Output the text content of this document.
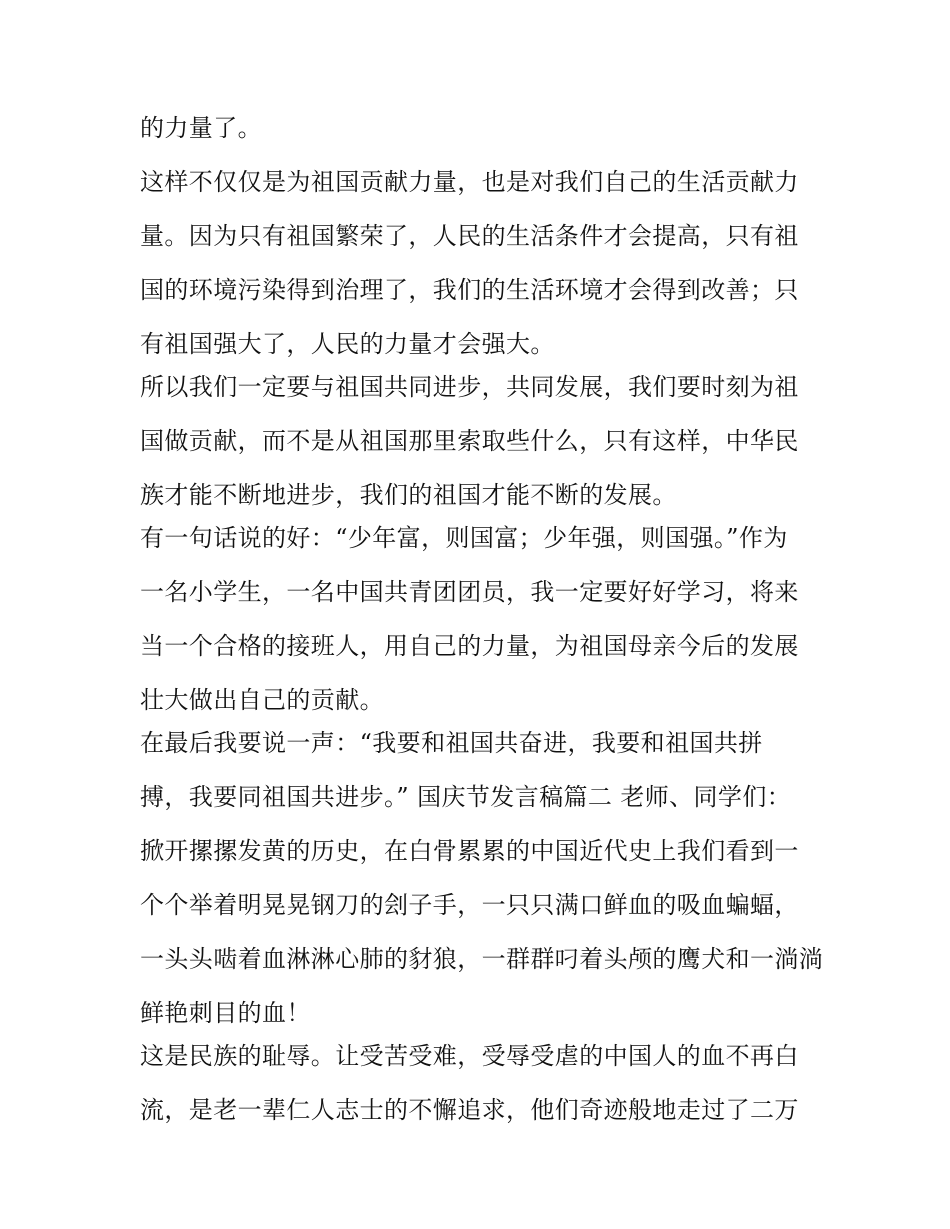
的力量了。
这样不仅仅是为祖国贡献力量，也是对我们自己的生活贡献力
量。因为只有祖国繁荣了，人民的生活条件才会提高，只有祖
国的环境污染得到治理了，我们的生活环境才会得到改善；只
有祖国强大了，人民的力量才会强大。
所以我们一定要与祖国共同进步，共同发展，我们要时刻为祖
国做贡献，而不是从祖国那里索取些什么，只有这样，中华民
族才能不断地进步，我们的祖国才能不断的发展。
有一句话说的好：“少年富，则国富；少年强，则国强。”作为
一名小学生，一名中国共青团团员，我一定要好好学习，将来
当一个合格的接班人，用自己的力量，为祖国母亲今后的发展
壮大做出自己的贡献。
在最后我要说一声：“我要和祖国共奋进，我要和祖国共拼
搏，我要同祖国共进步。” 国庆节发言稿篇二 老师、同学们：
掀开摞摞发黄的历史，在白骨累累的中国近代史上我们看到一
个个举着明晃晃钢刀的刽子手，一只只满口鲜血的吸血蝙蝠，
一头头啮着血淋淋心肺的豺狼，一群群叼着头颅的鹰犬和一淌淌
鲜艳刺目的血！
这是民族的耻辱。让受苦受难，受辱受虐的中国人的血不再白
流，是老一辈仁人志士的不懈追求，他们奇迹般地走过了二万
